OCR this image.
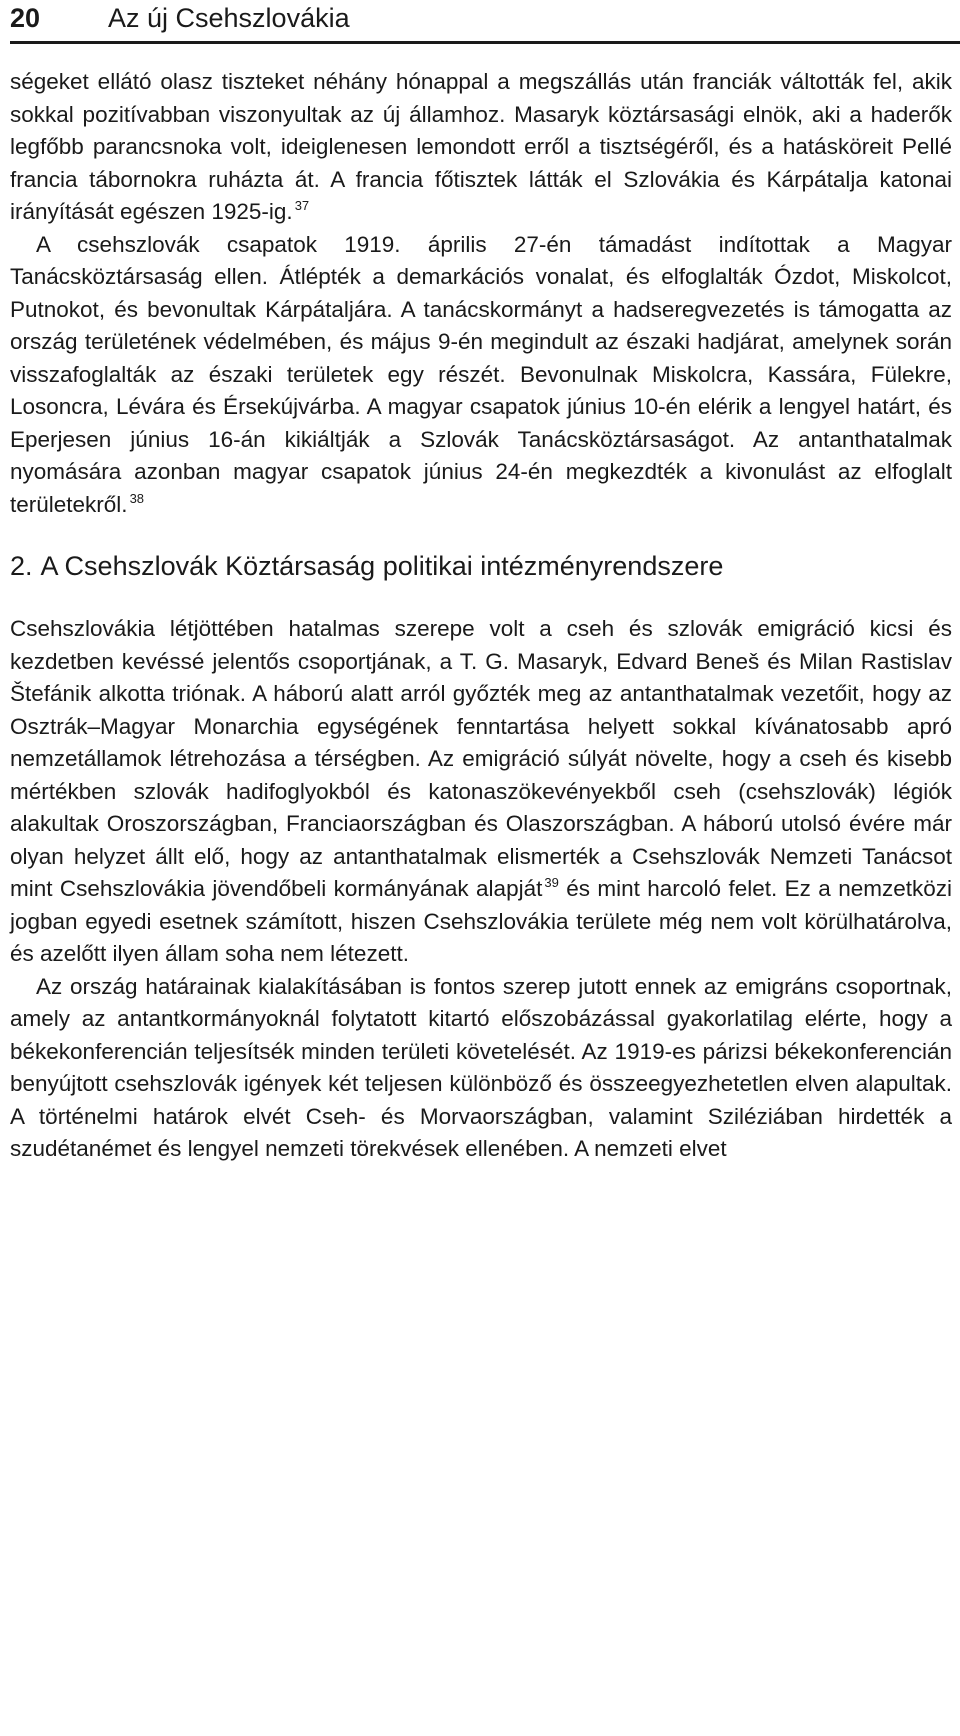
20	Az új Csehszlovákia

ségeket ellátó olasz tiszteket néhány hónappal a megszállás után franciák váltották fel, akik sokkal pozitívabban viszonyultak az új államhoz. Masaryk köztársasági elnök, aki a haderők legfőbb parancsnoka volt, ideiglenesen lemondott erről a tisztségéről, és a hatásköreit Pellé francia tábornokra ruházta át. A francia főtisztek látták el Szlovákia és Kárpátalja katonai irányítását egészen 1925-ig. $^{37}$

A csehszlovák csapatok 1919. április 27-én támadást indítottak a Magyar Tanácsköztársaság ellen. Átlépték a demarkációs vonalat, és elfoglalták Ózdot, Miskolcot, Putnokot, és bevonultak Kárpátaljára. A tanácskormányt a hadseregvezetés is támogatta az ország területének védelmében, és május 9-én megindult az északi hadjárat, amelynek során visszafoglalták az északi területek egy részét. Bevonulnak Miskolcra, Kassára, Fülekre, Losoncra, Lévára és Érsekújvárba. A magyar csapatok június 10-én elérik a lengyel határt, és Eperjesen június 16-án kikiáltják a Szlovák Tanácsköztársaságot. Az antanthatalmak nyomására azonban magyar csapatok június 24-én megkezdték a kivonulást az elfoglalt területekről. $^{38}$

2. A Csehszlovák Köztársaság politikai intézményrendszere

Csehszlovákia létjöttében hatalmas szerepe volt a cseh és szlovák emigráció kicsi és kezdetben kevéssé jelentős csoportjának, a T. G. Masaryk, Edvard Beneš és Milan Rastislav Štefánik alkotta triónak. A háború alatt arról győzték meg az antanthatalmak vezetőit, hogy az Osztrák–Magyar Monarchia egységének fenntartása helyett sokkal kívánatosabb apró nemzetállamok létrehozása a térségben. Az emigráció súlyát növelte, hogy a cseh és kisebb mértékben szlovák hadifoglyokból és katonaszökevényekből cseh (csehszlovák) légiók alakultak Oroszországban, Franciaországban és Olaszországban. A háború utolsó évére már olyan helyzet állt elő, hogy az antanthatalmak elismerték a Csehszlovák Nemzeti Tanácsot mint Csehszlovákia jövendőbeli kormányának alapját $^{39}$ és mint harcoló felet. Ez a nemzetközi jogban egyedi esetnek számított, hiszen Csehszlovákia területe még nem volt körülhatárolva, és azelőtt ilyen állam soha nem létezett.

Az ország határainak kialakításában is fontos szerep jutott ennek az emigráns csoportnak, amely az antantkormányoknál folytatott kitartó előszobázással gyakorlatilag elérte, hogy a békekonferencián teljesítsék minden területi követelését. Az 1919-es párizsi békekonferencián benyújtott csehszlovák igények két teljesen különböző és összeegyezhetetlen elven alapultak. A történelmi határok elvét Cseh- és Morvaországban, valamint Sziléziában hirdették a szudétanémet és lengyel nemzeti törekvések ellenében. A nemzeti elvet
